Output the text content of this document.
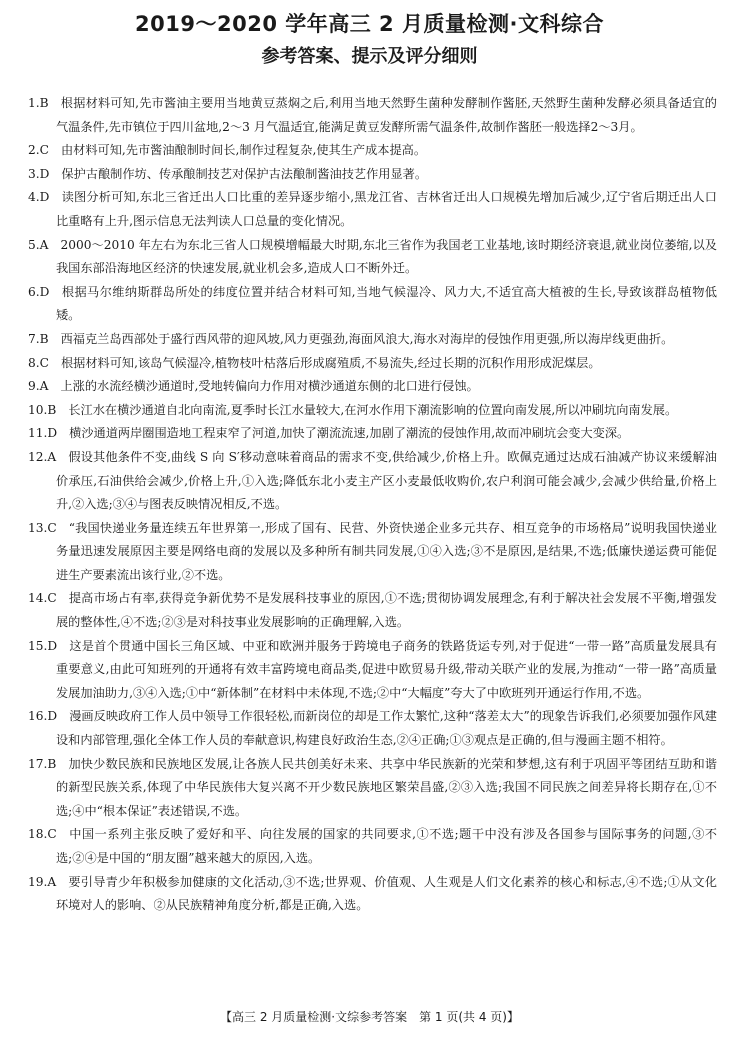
2019～2020 学年高三 2 月质量检测·文科综合
参考答案、提示及评分细则
1.B 根据材料可知,先市酱油主要用当地黄豆蒸焖之后,利用当地天然野生菌种发酵制作酱胚,天然野生菌种发酵必须具备适宜的气温条件,先市镇位于四川盆地,2～3 月气温适宜,能满足黄豆发酵所需气温条件,故制作酱胚一般选择2～3月。
2.C 由材料可知,先市酱油酿制时间长,制作过程复杂,使其生产成本提高。
3.D 保护古酿制作坊、传承酿制技艺对保护古法酿制酱油技艺作用显著。
4.D 读图分析可知,东北三省迁出人口比重的差异逐步缩小,黑龙江省、吉林省迁出人口规模先增加后减少,辽宁省后期迁出人口比重略有上升,图示信息无法判读人口总量的变化情况。
5.A 2000～2010 年左右为东北三省人口规模增幅最大时期,东北三省作为我国老工业基地,该时期经济衰退,就业岗位萎缩,以及我国东部沿海地区经济的快速发展,就业机会多,造成人口不断外迁。
6.D 根据马尔维纳斯群岛所处的纬度位置并结合材料可知,当地气候湿冷、风力大,不适宜高大植被的生长,导致该群岛植物低矮。
7.B 西福克兰岛西部处于盛行西风带的迎风坡,风力更强劲,海面风浪大,海水对海岸的侵蚀作用更强,所以海岸线更曲折。
8.C 根据材料可知,该岛气候湿冷,植物枝叶枯落后形成腐殖质,不易流失,经过长期的沉积作用形成泥煤层。
9.A 上涨的水流经横沙通道时,受地转偏向力作用对横沙通道东侧的北口进行侵蚀。
10.B 长江水在横沙通道自北向南流,夏季时长江水量较大,在河水作用下潮流影响的位置向南发展,所以冲刷坑向南发展。
11.D 横沙通道两岸圈围造地工程束窄了河道,加快了潮流流速,加剧了潮流的侵蚀作用,故而冲刷坑会变大变深。
12.A 假设其他条件不变,曲线 S 向 S′移动意味着商品的需求不变,供给减少,价格上升。欧佩克通过达成石油减产协议来缓解油价承压,石油供给会减少,价格上升,①入选;降低东北小麦主产区小麦最低收购价,农户利润可能会减少,会减少供给量,价格上升,②入选;③④与图表反映情况相反,不选。
13.C “我国快递业务量连续五年世界第一,形成了国有、民营、外资快递企业多元共存、相互竞争的市场格局”说明我国快递业务量迅速发展原因主要是网络电商的发展以及多种所有制共同发展,①④入选;③不是原因,是结果,不选;低廉快递运费可能促进生产要素流出该行业,②不选。
14.C 提高市场占有率,获得竞争新优势不是发展科技事业的原因,①不选;贯彻协调发展理念,有利于解决社会发展不平衡,增强发展的整体性,④不选;②③是对科技事业发展影响的正确理解,入选。
15.D 这是首个贯通中国长三角区域、中亚和欧洲并服务于跨境电子商务的铁路货运专列,对于促进“一带一路”高质量发展具有重要意义,由此可知班列的开通将有效丰富跨境电商品类,促进中欧贸易升级,带动关联产业的发展,为推动“一带一路”高质量发展加油助力,③④入选;①中“新体制”在材料中未体现,不选;②中“大幅度”夸大了中欧班列开通运行作用,不选。
16.D 漫画反映政府工作人员中领导工作很轻松,而新岗位的却是工作太繁忙,这种“落差太大”的现象告诉我们,必须要加强作风建设和内部管理,强化全体工作人员的奉献意识,构建良好政治生态,②④正确;①③观点是正确的,但与漫画主题不相符。
17.B 加快少数民族和民族地区发展,让各族人民共创美好未来、共享中华民族新的光荣和梦想,这有利于巩固平等团结互助和谐的新型民族关系,体现了中华民族伟大复兴离不开少数民族地区繁荣昌盛,②③入选;我国不同民族之间差异将长期存在,①不选;④中“根本保证”表述错误,不选。
18.C 中国一系列主张反映了爱好和平、向往发展的国家的共同要求,①不选;题干中没有涉及各国参与国际事务的问题,③不选;②④是中国的“朋友圈”越来越大的原因,入选。
19.A 要引导青少年积极参加健康的文化活动,③不选;世界观、价值观、人生观是人们文化素养的核心和标志,④不选;①从文化环境对人的影响、②从民族精神角度分析,都是正确,入选。
【高三 2 月质量检测·文综参考答案　第 1 页(共 4 页)】
